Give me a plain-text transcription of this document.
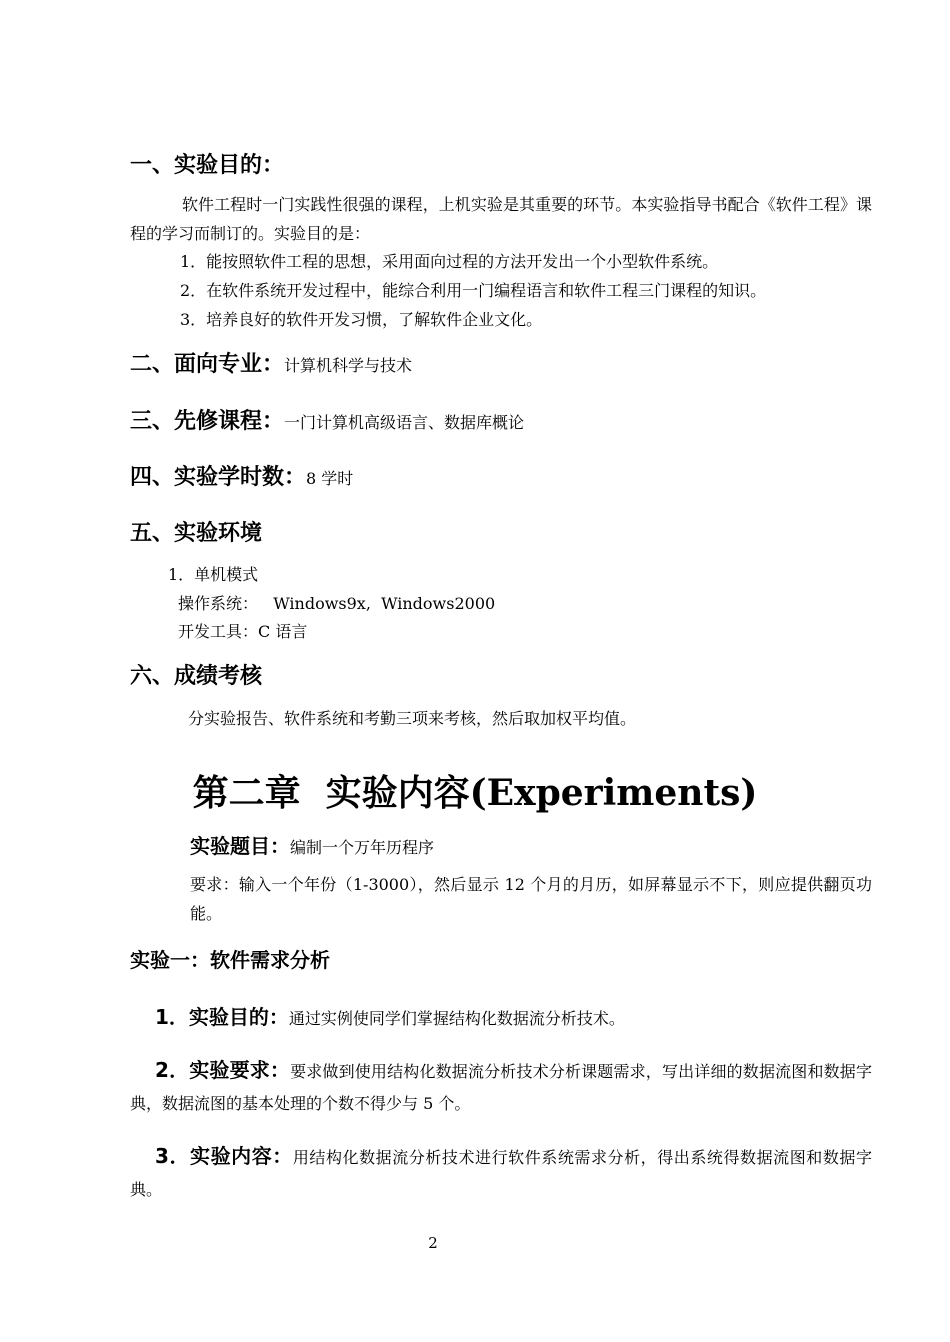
一、实验目的：
软件工程时一门实践性很强的课程，上机实验是其重要的环节。本实验指导书配合《软件工程》课程的学习而制订的。实验目的是：
1．能按照软件工程的思想，采用面向过程的方法开发出一个小型软件系统。
2．在软件系统开发过程中，能综合利用一门编程语言和软件工程三门课程的知识。
3．培养良好的软件开发习惯，了解软件企业文化。
二、面向专业：计算机科学与技术
三、先修课程：一门计算机高级语言、数据库概论
四、实验学时数：8 学时
五、实验环境
1．单机模式
操作系统：   Windows9x,  Windows2000
开发工具：C 语言
六、成绩考核
分实验报告、软件系统和考勤三项来考核，然后取加权平均值。
第二章  实验内容(Experiments)
实验题目：编制一个万年历程序
要求：输入一个年份（1-3000），然后显示 12 个月的月历，如屏幕显示不下，则应提供翻页功能。
实验一：软件需求分析
1．实验目的：通过实例使同学们掌握结构化数据流分析技术。
2．实验要求：要求做到使用结构化数据流分析技术分析课题需求，写出详细的数据流图和数据字典，数据流图的基本处理的个数不得少与 5 个。
3．实验内容：用结构化数据流分析技术进行软件系统需求分析，得出系统得数据流图和数据字典。
2
